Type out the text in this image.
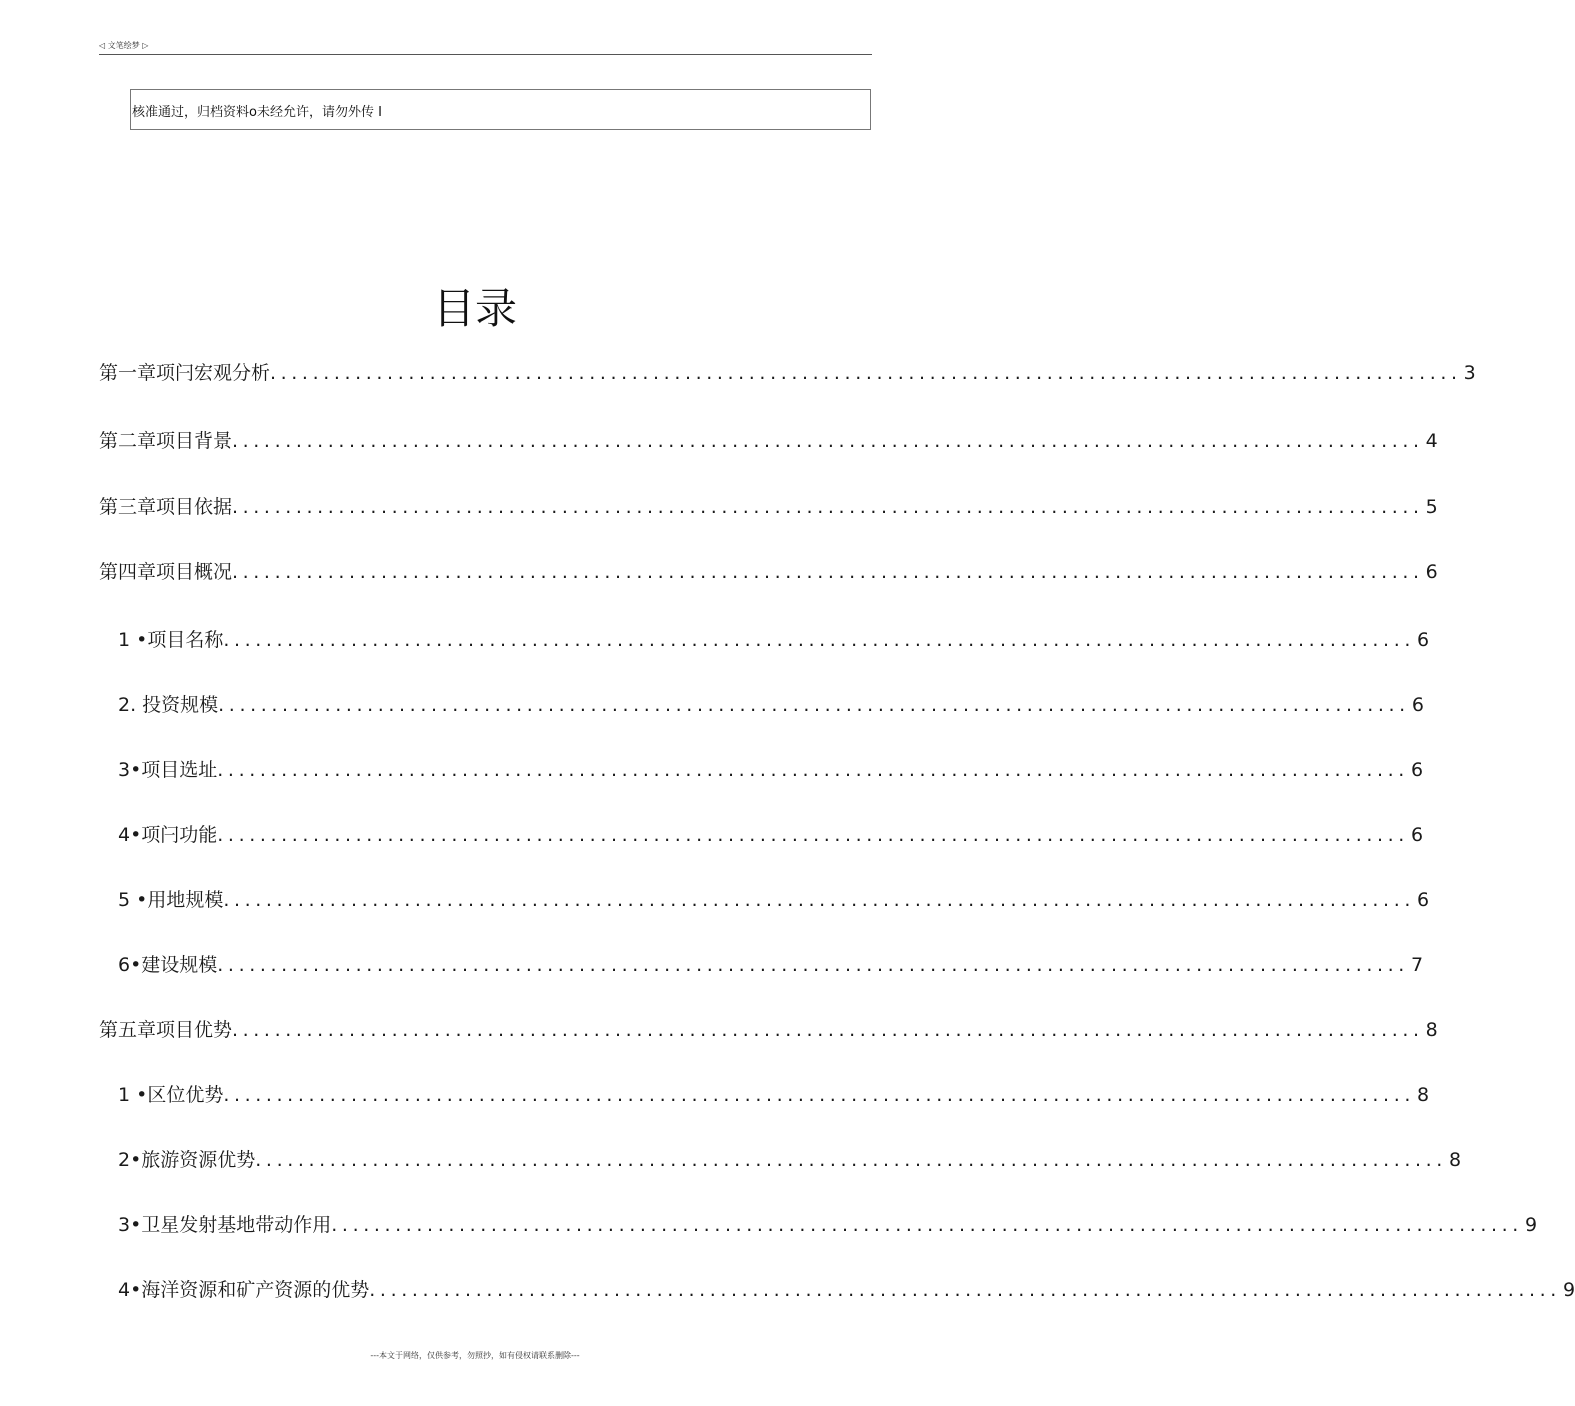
◁ 文笔绘梦 ▷
核准通过，归档资料o未经允许，请勿外传 I
目录
第一章项闩宏观分析 ................................................................................................................ 3
第二章项目背景 ................................................................................................................ 4
第三章项目依据 ................................................................................................................ 5
第四章项目概况 ................................................................................................................ 6
1 •项目名称 ................................................................................................................ 6
2. 投资规模 ................................................................................................................ 6
3•项目选址 ................................................................................................................ 6
4•项闩功能 ................................................................................................................ 6
5 •用地规模 ................................................................................................................ 6
6•建设规模 ................................................................................................................ 7
第五章项目优势 ................................................................................................................ 8
1 •区位优势 ................................................................................................................ 8
2•旅游资源优势 ................................................................................................................ 8
3•卫星发射基地带动作用 ................................................................................................................ 9
4•海洋资源和矿产资源的优势 ................................................................................................................ 9
---本文于网络，仅供参考，勿照抄，如有侵权请联系删除---
